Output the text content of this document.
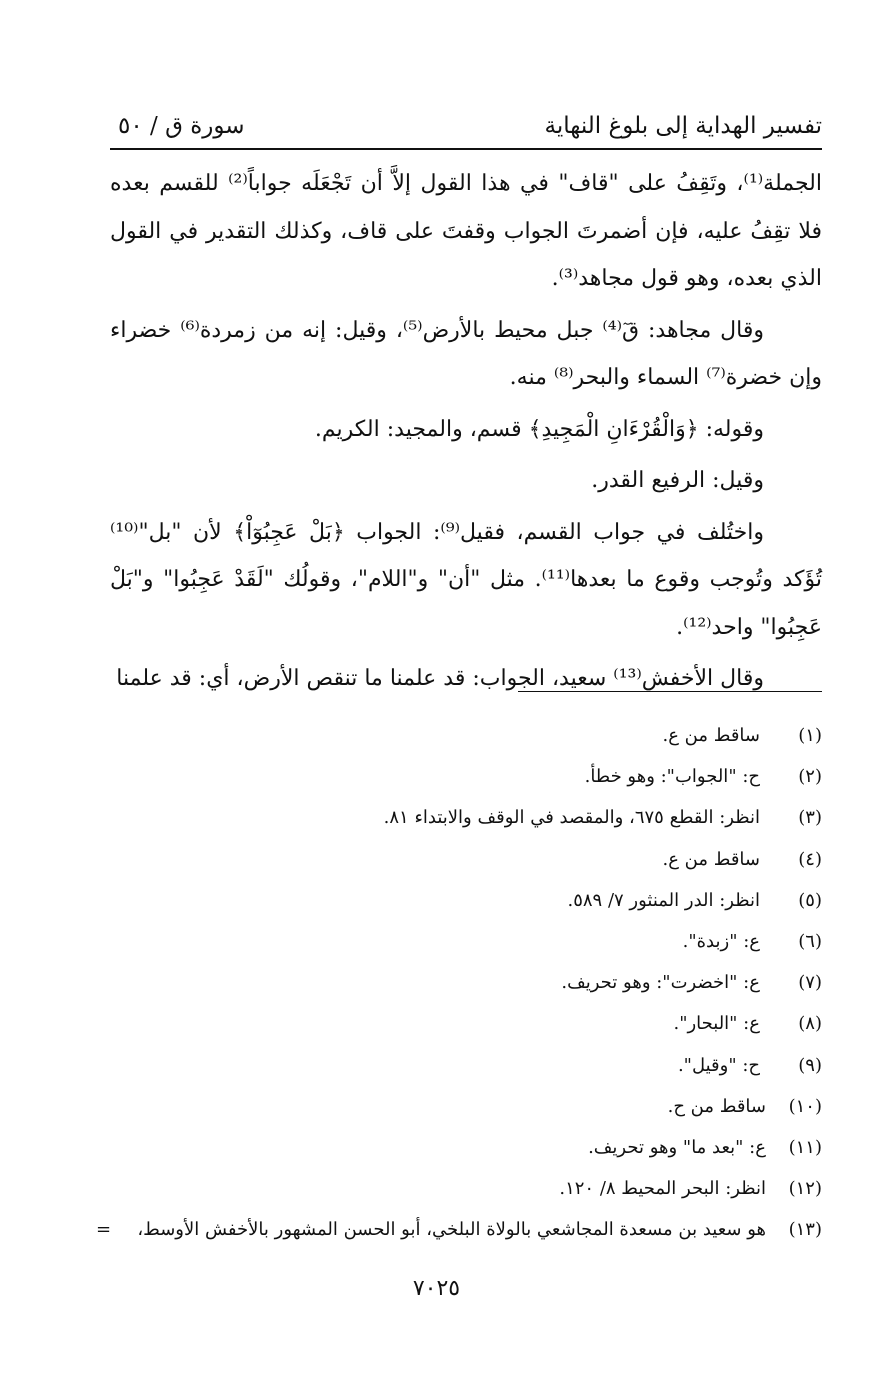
تفسير الهداية إلى بلوغ النهاية
سورة ق / ٥٠

الجملة⁽¹⁾، وتَقِفُ على "قاف" في هذا القول إلاَّ أن تَجْعَلَه جواباً⁽²⁾ للقسم بعده فلا تقِفُ عليه، فإن أضمرتَ الجواب وقفتَ على قاف، وكذلك التقدير في القول الذي بعده، وهو قول مجاهد⁽³⁾.

وقال مجاهد: قٓ⁽⁴⁾ جبل محيط بالأرض⁽⁵⁾، وقيل: إنه من زمردة⁽⁶⁾ خضراء وإن خضرة⁽⁷⁾ السماء والبحر⁽⁸⁾ منه.

وقوله: ﴿وَالْقُرْءَانِ الْمَجِيدِ﴾ قسم، والمجيد: الكريم.

وقيل: الرفيع القدر.

واختُلف في جواب القسم، فقيل⁽⁹⁾: الجواب ﴿بَلْ عَجِبُوٓاْ﴾ لأن "بل"⁽¹⁰⁾ تُؤَكد وتُوجب وقوع ما بعدها⁽¹¹⁾. مثل "أن" و"اللام"، وقولُك "لَقَدْ عَجِبُوا" و"بَلْ عَجِبُوا" واحد⁽¹²⁾.

وقال الأخفش⁽¹³⁾ سعيد، الجواب: قد علمنا ما تنقص الأرض، أي: قد علمنا

(١)
ساقط من ع.
(٢)
ح: "الجواب": وهو خطأ.
(٣)
انظر: القطع ٦٧٥، والمقصد في الوقف والابتداء ٨١.
(٤)
ساقط من ع.
(٥)
انظر: الدر المنثور ٧/ ٥٨٩.
(٦)
ع: "زبدة".
(٧)
ع: "اخضرت": وهو تحريف.
(٨)
ع: "البحار".
(٩)
ح: "وقيل".
(١٠)
ساقط من ح.
(١١)
ع: "بعد ما" وهو تحريف.
(١٢)
انظر: البحر المحيط ٨/ ١٢٠.
(١٣)
هو سعيد بن مسعدة المجاشعي بالولاة البلخي، أبو الحسن المشهور بالأخفش الأوسط،
=
٧٠٢٥
